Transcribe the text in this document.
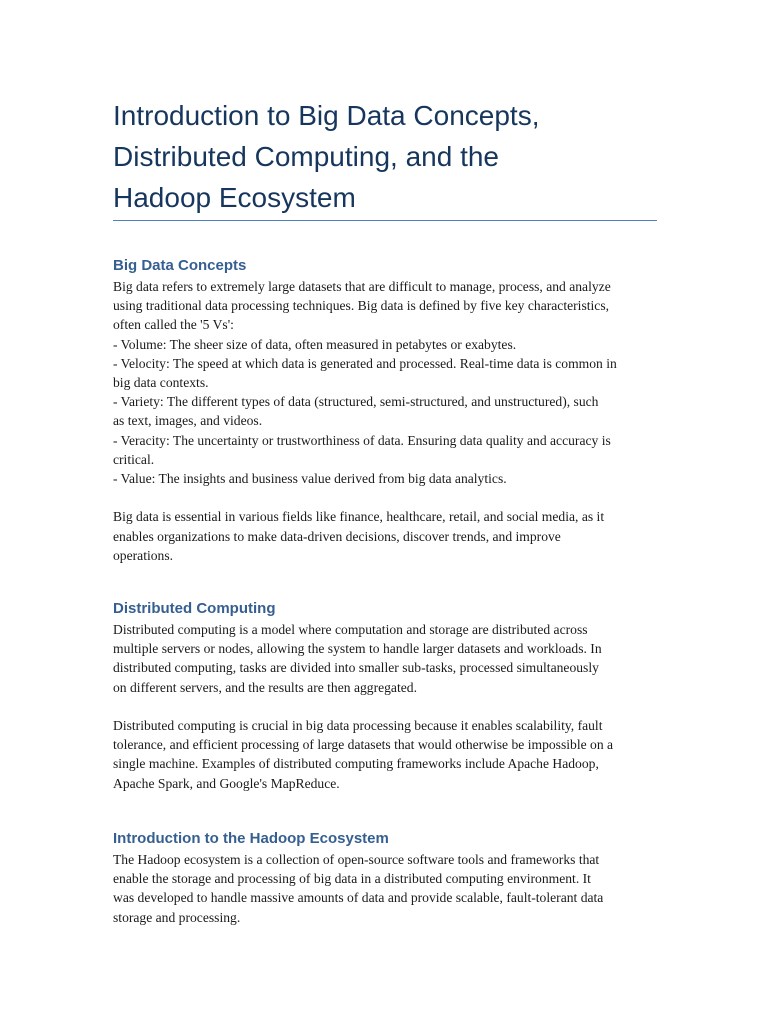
Introduction to Big Data Concepts,
Distributed Computing, and the
Hadoop Ecosystem
Big Data Concepts

Big data refers to extremely large datasets that are difficult to manage, process, and analyze
using traditional data processing techniques. Big data is defined by five key characteristics,
often called the '5 Vs':
- Volume: The sheer size of data, often measured in petabytes or exabytes.
- Velocity: The speed at which data is generated and processed. Real-time data is common in
big data contexts.
- Variety: The different types of data (structured, semi-structured, and unstructured), such
as text, images, and videos.
- Veracity: The uncertainty or trustworthiness of data. Ensuring data quality and accuracy is
critical.
- Value: The insights and business value derived from big data analytics.

Big data is essential in various fields like finance, healthcare, retail, and social media, as it
enables organizations to make data-driven decisions, discover trends, and improve
operations.

Distributed Computing

Distributed computing is a model where computation and storage are distributed across
multiple servers or nodes, allowing the system to handle larger datasets and workloads. In
distributed computing, tasks are divided into smaller sub-tasks, processed simultaneously
on different servers, and the results are then aggregated.

Distributed computing is crucial in big data processing because it enables scalability, fault
tolerance, and efficient processing of large datasets that would otherwise be impossible on a
single machine. Examples of distributed computing frameworks include Apache Hadoop,
Apache Spark, and Google's MapReduce.

Introduction to the Hadoop Ecosystem

The Hadoop ecosystem is a collection of open-source software tools and frameworks that
enable the storage and processing of big data in a distributed computing environment. It
was developed to handle massive amounts of data and provide scalable, fault-tolerant data
storage and processing.
